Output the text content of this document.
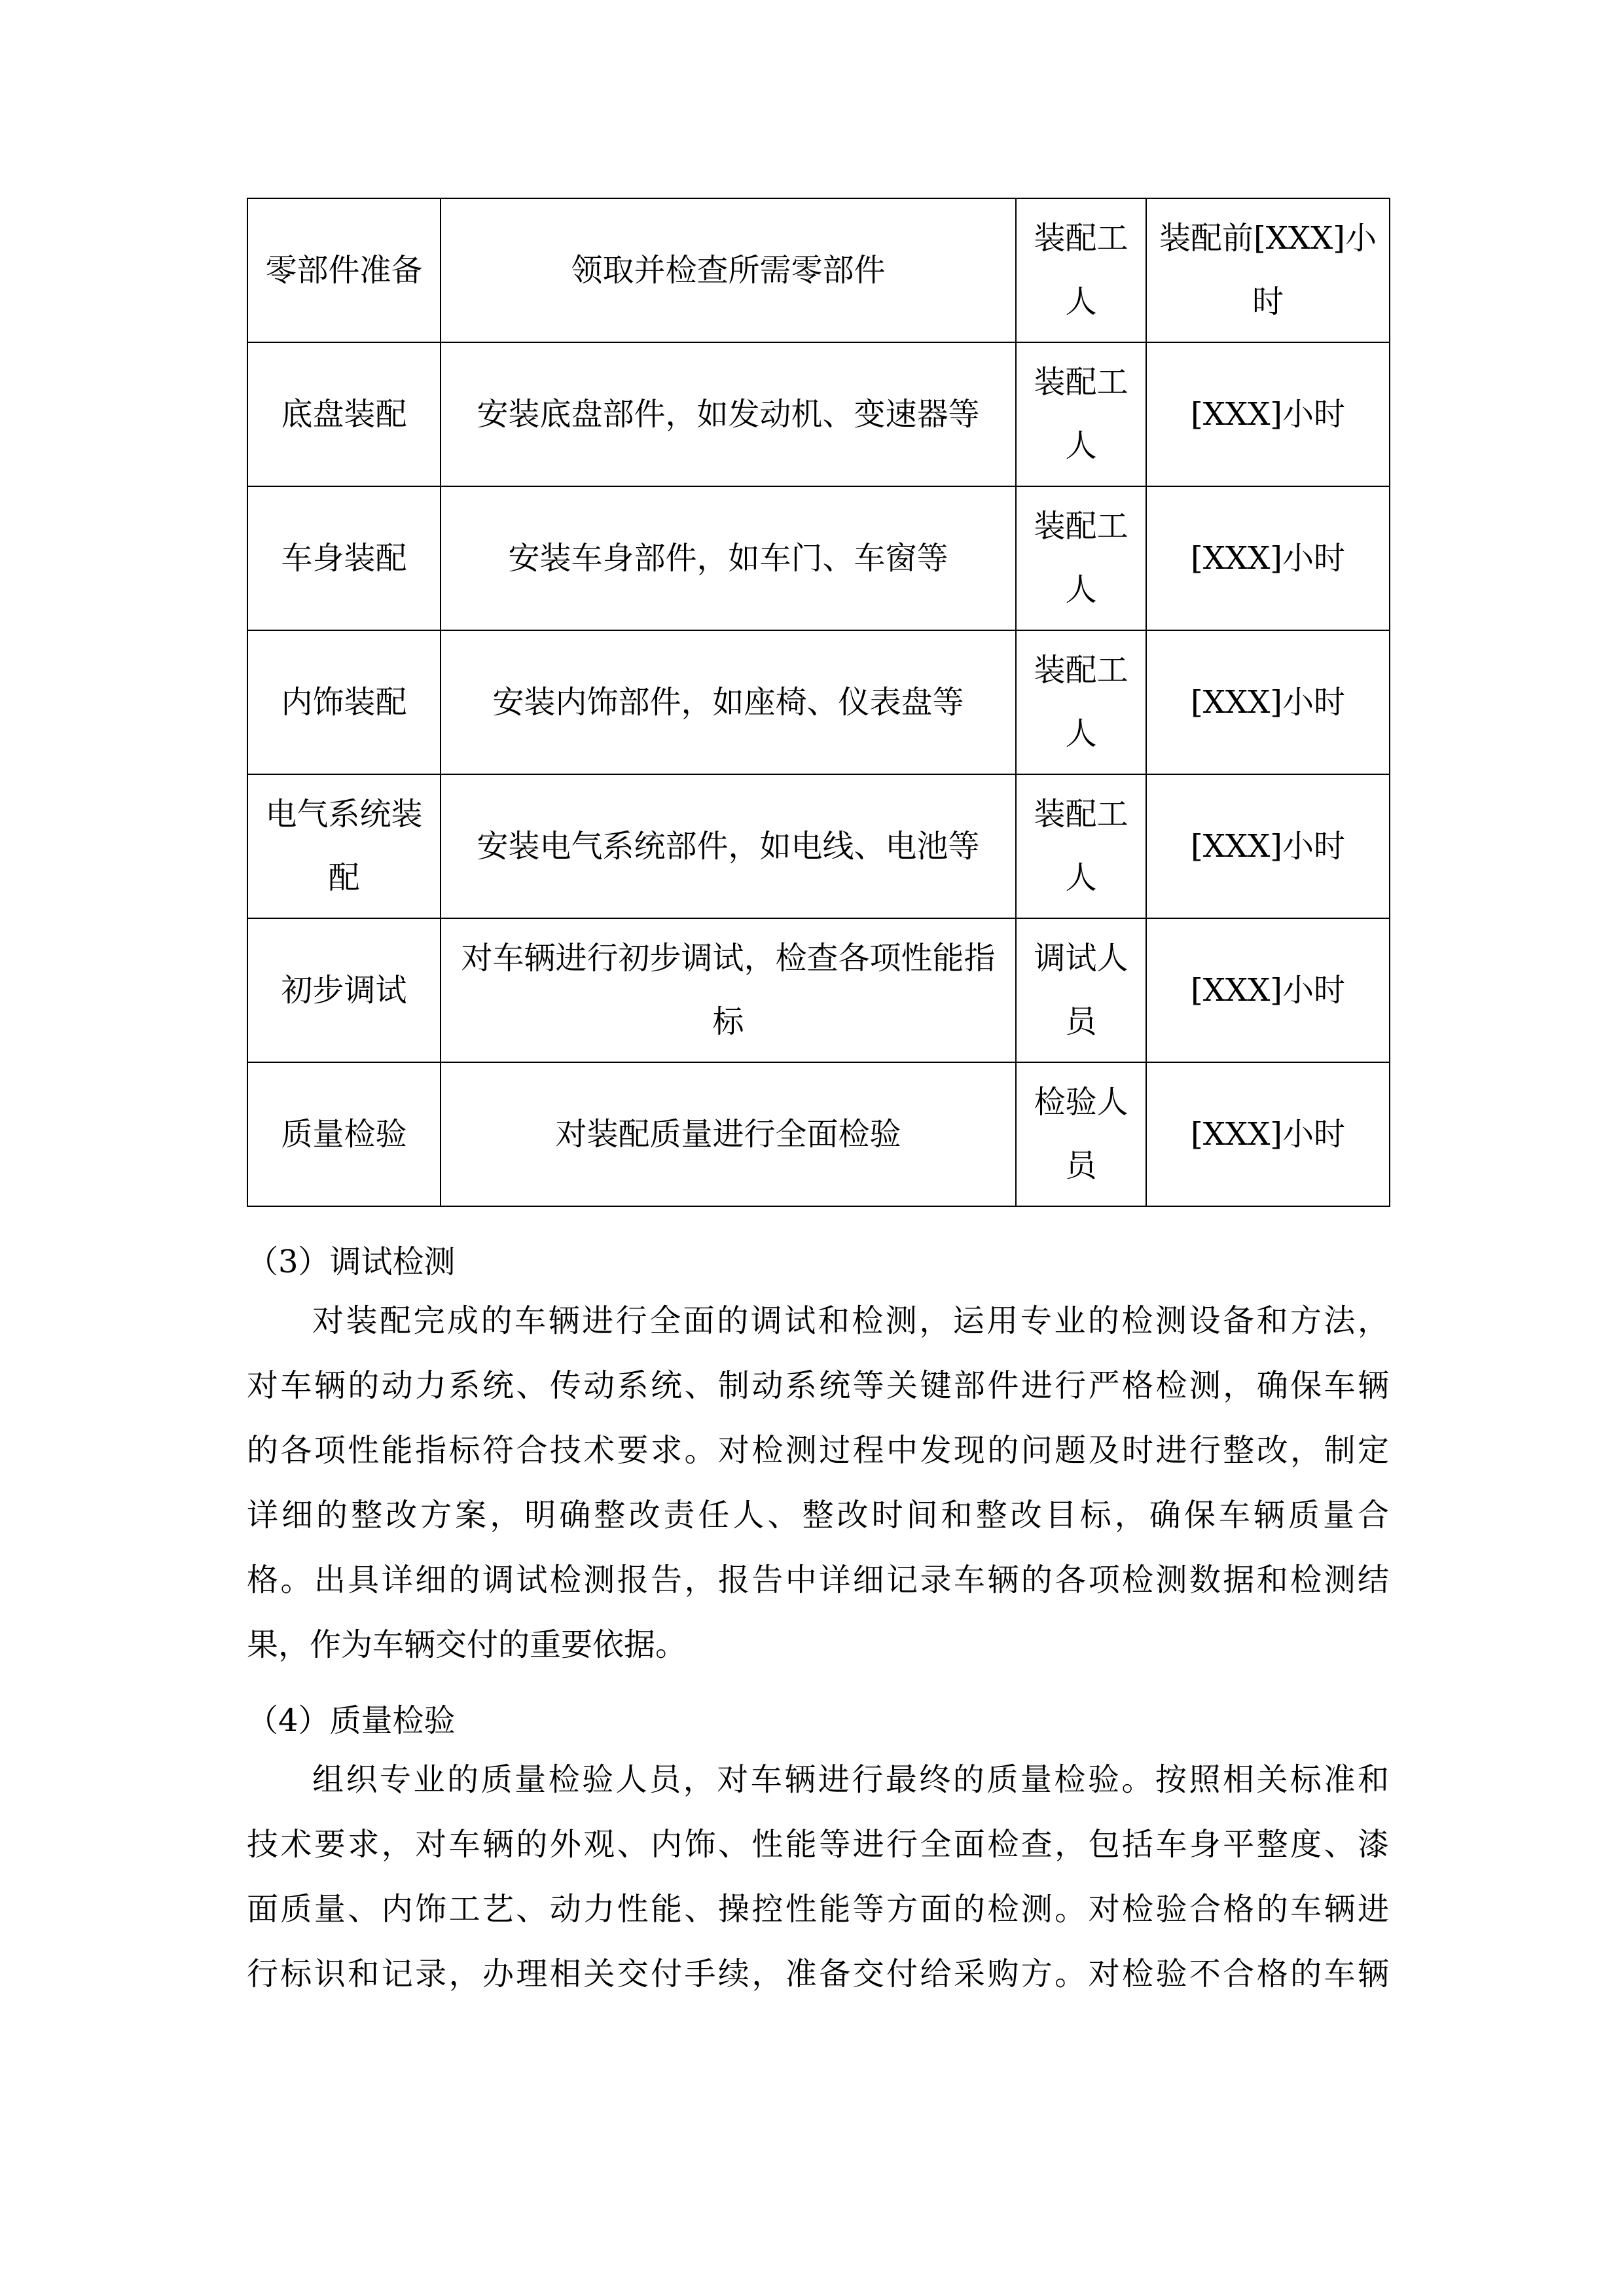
零部件准备	领取并检查所需零部件	装配工人	装配前[XXX]小时
底盘装配	安装底盘部件，如发动机、变速器等	装配工人	[XXX]小时
车身装配	安装车身部件，如车门、车窗等	装配工人	[XXX]小时
内饰装配	安装内饰部件，如座椅、仪表盘等	装配工人	[XXX]小时
电气系统装配	安装电气系统部件，如电线、电池等	装配工人	[XXX]小时
初步调试	对车辆进行初步调试，检查各项性能指标	调试人员	[XXX]小时
质量检验	对装配质量进行全面检验	检验人员	[XXX]小时
（3）调试检测
对装配完成的车辆进行全面的调试和检测，运用专业的检测设备和方法，
对车辆的动力系统、传动系统、制动系统等关键部件进行严格检测，确保车辆
的各项性能指标符合技术要求。对检测过程中发现的问题及时进行整改，制定
详细的整改方案，明确整改责任人、整改时间和整改目标，确保车辆质量合
格。出具详细的调试检测报告，报告中详细记录车辆的各项检测数据和检测结
果，作为车辆交付的重要依据。
（4）质量检验
组织专业的质量检验人员，对车辆进行最终的质量检验。按照相关标准和
技术要求，对车辆的外观、内饰、性能等进行全面检查，包括车身平整度、漆
面质量、内饰工艺、动力性能、操控性能等方面的检测。对检验合格的车辆进
行标识和记录，办理相关交付手续，准备交付给采购方。对检验不合格的车辆
